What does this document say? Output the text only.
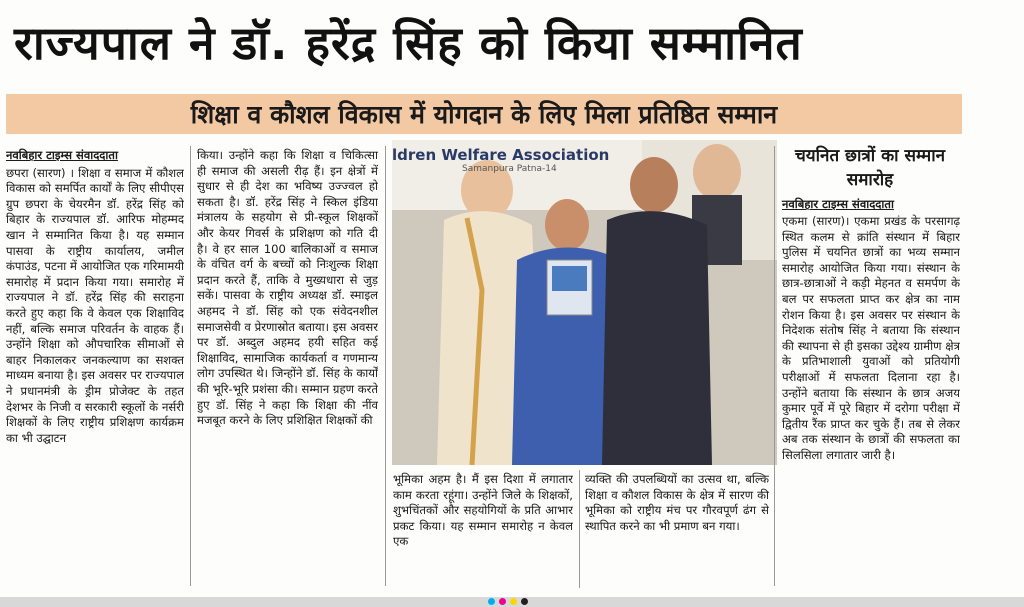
राज्यपाल ने डॉ. हरेंद्र सिंह को किया सम्मानित
शिक्षा व कौशल विकास में योगदान के लिए मिला प्रतिष्ठित सम्मान
नवबिहार टाइम्स संवाददाता

छपरा (सारण) । शिक्षा व समाज में कौशल विकास को समर्पित कार्यों के लिए सीपीएस ग्रुप छपरा के चेयरमैन डॉ. हरेंद्र सिंह को बिहार के राज्यपाल डॉ. आरिफ मोहम्मद खान ने सम्मानित किया है। यह सम्मान पासवा के राष्ट्रीय कार्यालय, जमील कंपाउंड, पटना में आयोजित एक गरिमामयी समारोह में प्रदान किया गया। समारोह में राज्यपाल ने डॉ. हरेंद्र सिंह की सराहना करते हुए कहा कि वे केवल एक शिक्षाविद नहीं, बल्कि समाज परिवर्तन के वाहक हैं। उन्होंने शिक्षा को औपचारिक सीमाओं से बाहर निकालकर जनकल्याण का सशक्त माध्यम बनाया है। इस अवसर पर राज्यपाल ने प्रधानमंत्री के ड्रीम प्रोजेक्ट के तहत देशभर के निजी व सरकारी स्कूलों के नर्सरी शिक्षकों के लिए राष्ट्रीय प्रशिक्षण कार्यक्रम का भी उद्घाटन

किया। उन्होंने कहा कि शिक्षा व चिकित्सा ही समाज की असली रीढ़ हैं। इन क्षेत्रों में सुधार से ही देश का भविष्य उज्ज्वल हो सकता है। डॉ. हरेंद्र सिंह ने स्किल इंडिया मंत्रालय के सहयोग से प्री-स्कूल शिक्षकों और केयर गिवर्स के प्रशिक्षण को गति दी है। वे हर साल 100 बालिकाओं व समाज के वंचित वर्ग के बच्चों को निःशुल्क शिक्षा प्रदान करते हैं, ताकि वे मुख्यधारा से जुड़ सकें। पासवा के राष्ट्रीय अध्यक्ष डॉ. स्माइल अहमद ने डॉ. सिंह को एक संवेदनशील समाजसेवी व प्रेरणास्रोत बताया। इस अवसर पर डॉ. अब्दुल अहमद हयी सहित कई शिक्षाविद, सामाजिक कार्यकर्ता व गणमान्य लोग उपस्थित थे। जिन्होंने डॉ. सिंह के कार्यों की भूरि-भूरि प्रशंसा की। सम्मान ग्रहण करते हुए डॉ. सिंह ने कहा कि शिक्षा की नींव मजबूत करने के लिए प्रशिक्षित शिक्षकों की

ldren Welfare Association
Samanpura Patna-14

भूमिका अहम है। मैं इस दिशा में लगातार काम करता रहूंगा। उन्होंने जिले के शिक्षकों, शुभचिंतकों और सहयोगियों के प्रति आभार प्रकट किया। यह सम्मान समारोह न केवल एक

व्यक्ति की उपलब्धियों का उत्सव था, बल्कि शिक्षा व कौशल विकास के क्षेत्र में सारण की भूमिका को राष्ट्रीय मंच पर गौरवपूर्ण ढंग से स्थापित करने का भी प्रमाण बन गया।

चयनित छात्रों का सम्मान समारोह
नवबिहार टाइम्स संवाददाता

एकमा (सारण)। एकमा प्रखंड के परसागढ़ स्थित कलम से क्रांति संस्थान में बिहार पुलिस में चयनित छात्रों का भव्य सम्मान समारोह आयोजित किया गया। संस्थान के छात्र-छात्राओं ने कड़ी मेहनत व समर्पण के बल पर सफलता प्राप्त कर क्षेत्र का नाम रोशन किया है। इस अवसर पर संस्थान के निदेशक संतोष सिंह ने बताया कि संस्थान की स्थापना से ही इसका उद्देश्य ग्रामीण क्षेत्र के प्रतिभाशाली युवाओं को प्रतियोगी परीक्षाओं में सफलता दिलाना रहा है। उन्होंने बताया कि संस्थान के छात्र अजय कुमार पूर्वे में पूरे बिहार में दरोगा परीक्षा में द्वितीय रैंक प्राप्त कर चुके हैं। तब से लेकर अब तक संस्थान के छात्रों की सफलता का सिलसिला लगातार जारी है।
